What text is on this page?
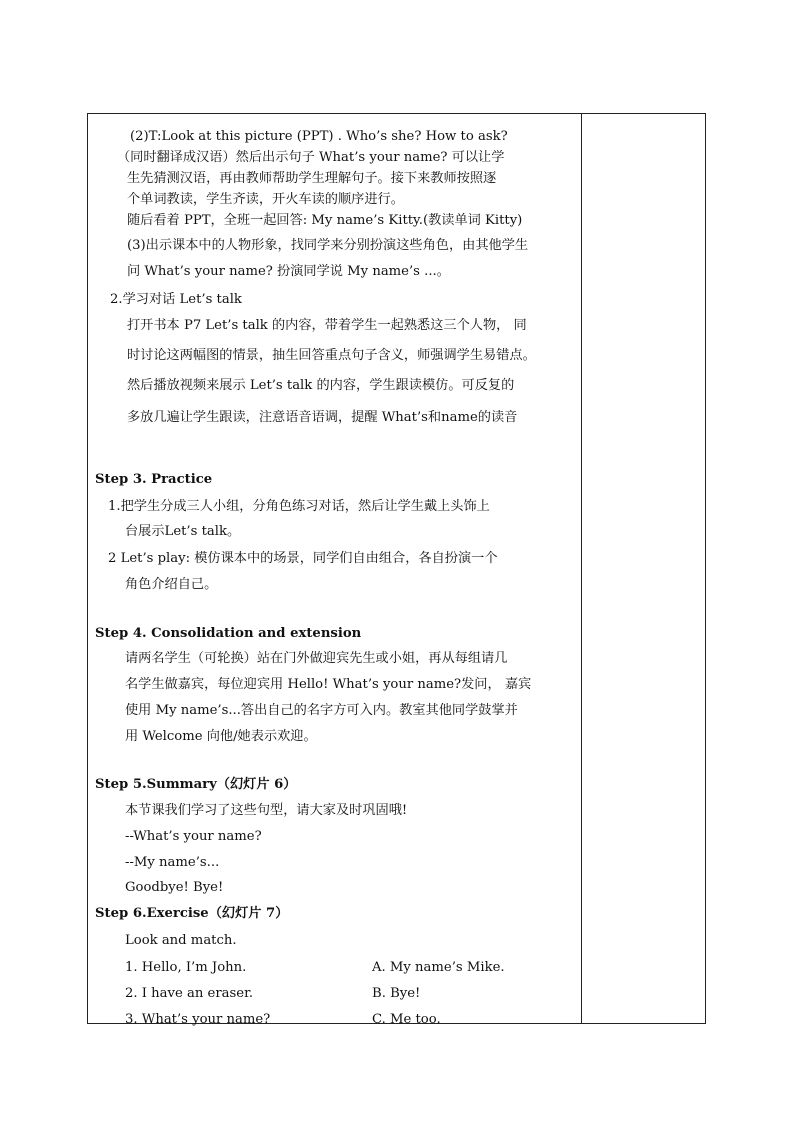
(2)T:Look at this picture (PPT) . Who’s she? How to ask?
（同时翻译成汉语）然后出示句子 What’s your name? 可以让学
生先猜测汉语，再由教师帮助学生理解句子。接下来教师按照逐
个单词教读，学生齐读，开火车读的顺序进行。
随后看着 PPT，全班一起回答: My name’s Kitty.(教读单词 Kitty)
(3)出示课本中的人物形象，找同学来分别扮演这些角色，由其他学生
问 What’s your name? 扮演同学说 My name’s ...。
2.学习对话 Let’s talk
打开书本 P7 Let’s talk 的内容，带着学生一起熟悉这三个人物， 同
时讨论这两幅图的情景，抽生回答重点句子含义，师强调学生易错点。
然后播放视频来展示 Let’s talk 的内容，学生跟读模仿。可反复的
多放几遍让学生跟读，注意语音语调，提醒 What’s和name的读音
Step 3. Practice
1.把学生分成三人小组，分角色练习对话，然后让学生戴上头饰上
台展示Let’s talk。
2 Let’s play: 模仿课本中的场景，同学们自由组合，各自扮演一个
角色介绍自己。
Step 4. Consolidation and extension
请两名学生（可轮换）站在门外做迎宾先生或小姐，再从每组请几
名学生做嘉宾，每位迎宾用 Hello! What’s your name?发问， 嘉宾
使用 My name’s...答出自己的名字方可入内。教室其他同学鼓掌并
用 Welcome 向他/她表示欢迎。
Step 5.Summary（幻灯片 6）
本节课我们学习了这些句型，请大家及时巩固哦!
--What’s your name?
--My name’s...
Goodbye! Bye!
Step 6.Exercise（幻灯片 7）
Look and match.
1. Hello, I’m John.	A. My name’s Mike.
2. I have an eraser.	B. Bye!
3. What’s your name?	C. Me too.
